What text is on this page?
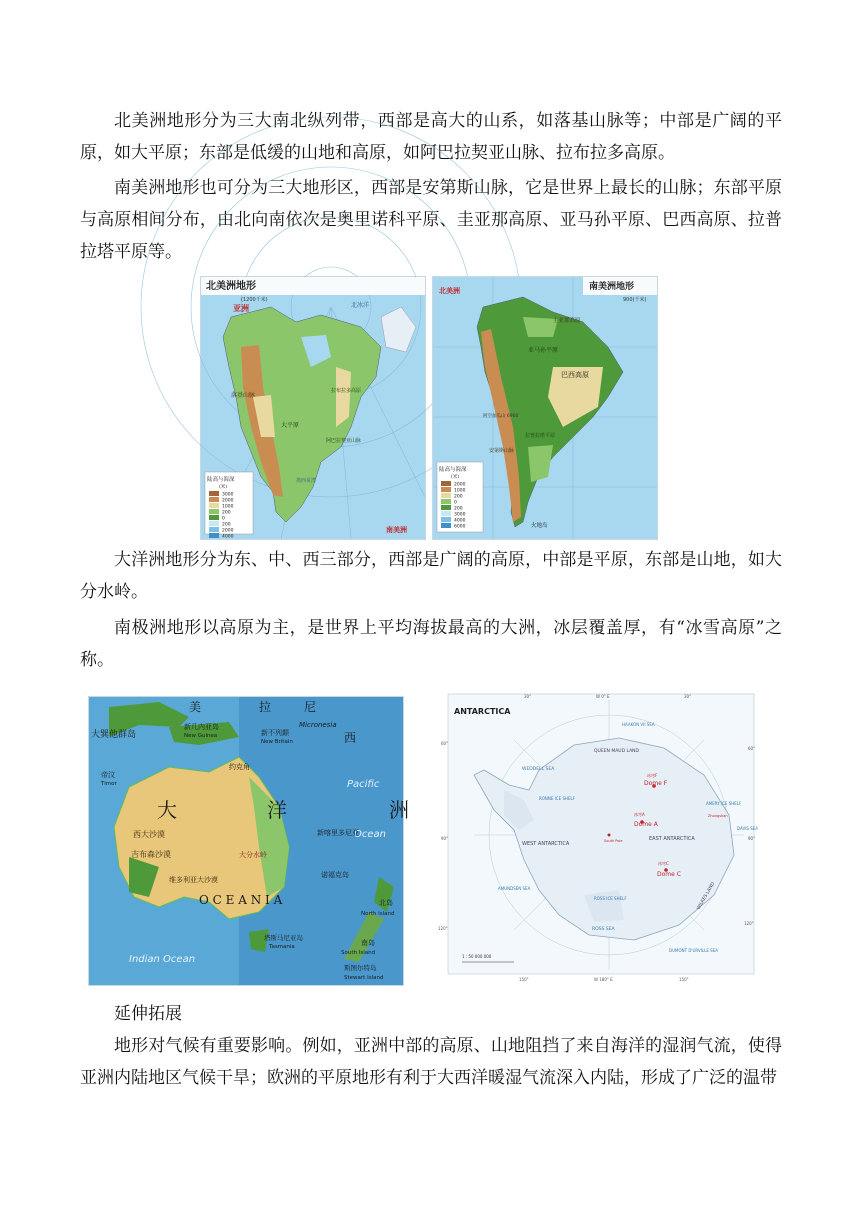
北美洲地形分为三大南北纵列带，西部是高大的山系，如落基山脉等；中部是广阔的平原，如大平原；东部是低缓的山地和高原，如阿巴拉契亚山脉、拉布拉多高原。

南美洲地形也可分为三大地形区，西部是安第斯山脉，它是世界上最长的山脉；东部平原与高原相间分布，由北向南依次是奥里诺科平原、圭亚那高原、亚马孙平原、巴西高原、拉普拉塔平原等。

北美洲地形
(1200千米)
亚洲	北冰洋
落基山脉
大平原
拉布拉多高原
阿巴拉契亚山脉
墨西哥湾
南美洲
陆高与海深
(米)
3000
2000
1000
200
0
200
2000
4000
南美洲地形
900(千米)
北美洲
圭亚那高原
亚马孙平原
巴西高原
安第斯山脉
拉普拉塔平原
阿空加瓜山 6960
火地岛
陆高与海深
(米)
2000
1000
200
0
200
3000
4000
6000

大洋洲地形分为东、中、西三部分，西部是广阔的高原，中部是平原，东部是山地，如大分水岭。

南极洲地形以高原为主，是世界上平均海拔最高的大洲，冰层覆盖厚，有“冰雪高原”之称。

美	拉	尼
西
大	洋	洲
大巽他群岛
新几内亚岛
New Guinea	新不列颠
New Britain
Micronesia
Pacific
Ocean
西大沙漠
吉布森沙漠
维多利亚大沙漠
大分水岭
O C E A N I A
新喀里多尼亚
诺福克岛
北岛
North Island
南岛
South Island
塔斯马尼亚岛
Tasmania
斯图尔特岛
Stewart Island
帝汶
Timor
约克角
Indian Ocean
ANTARCTICA
QUEEN MAUD LAND
WEDDELL SEA
RONNE ICE SHELF
WEST ANTARCTICA
EAST ANTARCTICA
AMUNDSEN SEA
ROSS ICE SHELF
ROSS SEA
AMERY ICE SHELF
DAVIS SEA
WILKES LAND
DUMONT D'URVILLE SEA
HAAKON VII SEA
冰穹F
Dome F
冰穹A
Dome A
冰穹C
Dome C
South Pole
Zhongshan
30°	W 0° E	30°
60°
60°
90°	90°
120°
120°
150°	W 180° E	150°
1 : 50 000 000

延伸拓展

地形对气候有重要影响。例如，亚洲中部的高原、山地阻挡了来自海洋的湿润气流，使得亚洲内陆地区气候干旱；欧洲的平原地形有利于大西洋暖湿气流深入内陆，形成了广泛的温带
